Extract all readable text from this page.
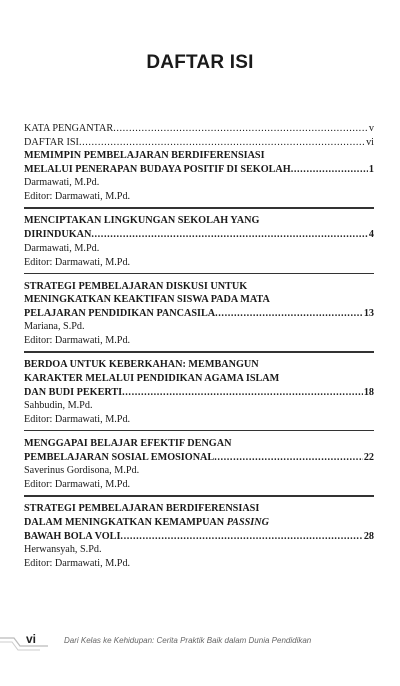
DAFTAR ISI
KATA PENGANTAR .....	v
DAFTAR ISI .....	vi
MEMIMPIN PEMBELAJARAN BERDIFERENSIASI
MELALUI PENERAPAN BUDAYA POSITIF DI SEKOLAH .....	1
Darmawati, M.Pd.
Editor: Darmawati, M.Pd.
MENCIPTAKAN LINGKUNGAN SEKOLAH YANG
DIRINDUKAN .....	4
Darmawati, M.Pd.
Editor: Darmawati, M.Pd.
STRATEGI PEMBELAJARAN DISKUSI UNTUK
MENINGKATKAN KEAKTIFAN SISWA PADA MATA
PELAJARAN PENDIDIKAN PANCASILA .....	13
Mariana, S.Pd.
Editor: Darmawati, M.Pd.
BERDOA UNTUK KEBERKAHAN: MEMBANGUN
KARAKTER MELALUI PENDIDIKAN AGAMA ISLAM
DAN BUDI PEKERTI .....	18
Sahbudin, M.Pd.
Editor: Darmawati, M.Pd.
MENGGAPAI BELAJAR EFEKTIF DENGAN
PEMBELAJARAN SOSIAL EMOSIONAL .....	22
Saverinus Gordisona, M.Pd.
Editor: Darmawati, M.Pd.
STRATEGI PEMBELAJARAN BERDIFERENSIASI
DALAM MENINGKATKAN KEMAMPUAN PASSING
BAWAH BOLA VOLI .....	28
Herwansyah, S.Pd.
Editor: Darmawati, M.Pd.
vi	Dari Kelas ke Kehidupan: Cerita Praktik Baik dalam Dunia Pendidikan
